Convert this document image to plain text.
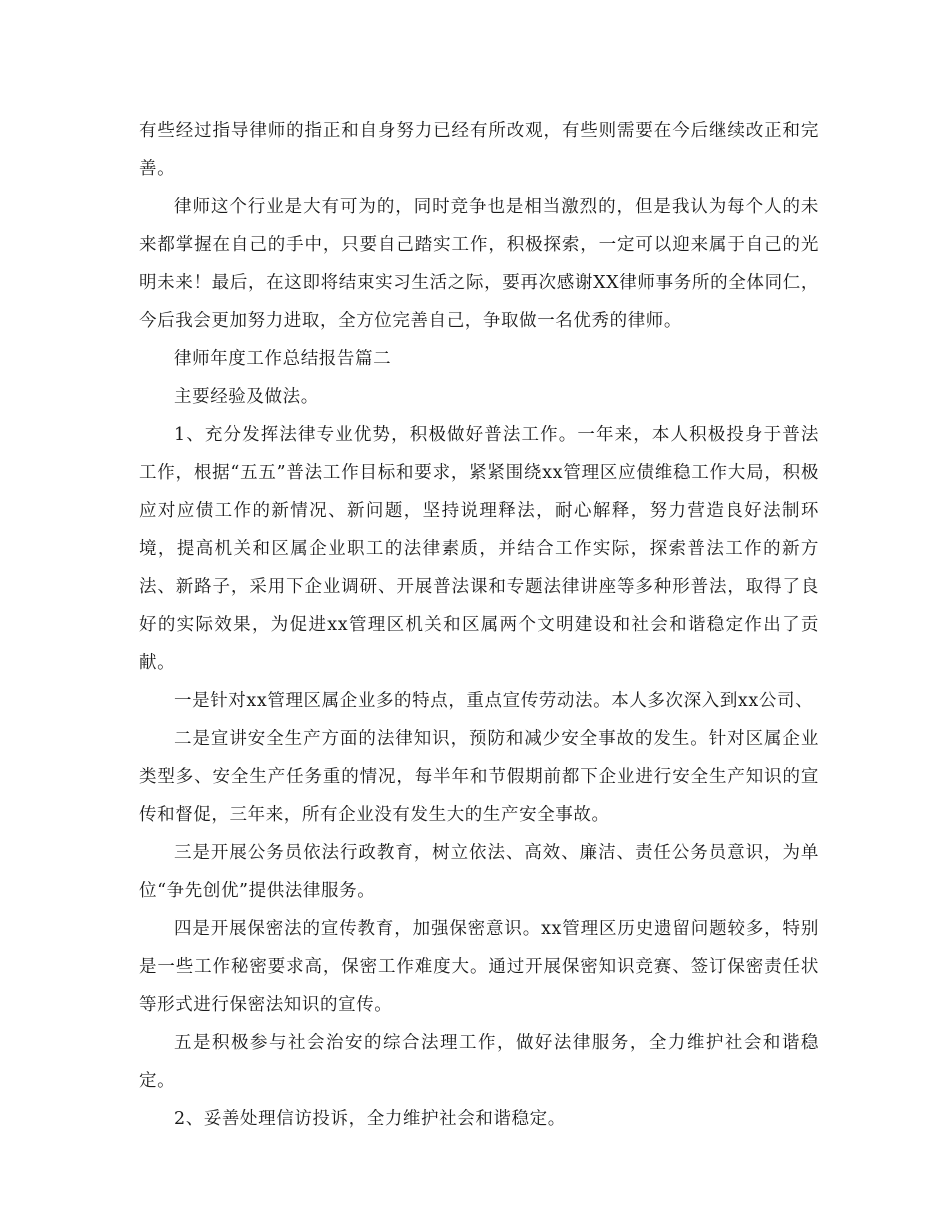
有些经过指导律师的指正和自身努力已经有所改观，有些则需要在今后继续改正和完善。

律师这个行业是大有可为的，同时竞争也是相当激烈的，但是我认为每个人的未来都掌握在自己的手中，只要自己踏实工作，积极探索，一定可以迎来属于自己的光明未来！最后，在这即将结束实习生活之际，要再次感谢XX律师事务所的全体同仁，今后我会更加努力进取，全方位完善自己，争取做一名优秀的律师。

律师年度工作总结报告篇二

主要经验及做法。

1、充分发挥法律专业优势，积极做好普法工作。一年来，本人积极投身于普法工作，根据“五五”普法工作目标和要求，紧紧围绕xx管理区应债维稳工作大局，积极应对应债工作的新情况、新问题，坚持说理释法，耐心解释，努力营造良好法制环境，提高机关和区属企业职工的法律素质，并结合工作实际，探索普法工作的新方法、新路子，采用下企业调研、开展普法课和专题法律讲座等多种形普法，取得了良好的实际效果，为促进xx管理区机关和区属两个文明建设和社会和谐稳定作出了贡献。

一是针对xx管理区属企业多的特点，重点宣传劳动法。本人多次深入到xx公司、

二是宣讲安全生产方面的法律知识，预防和减少安全事故的发生。针对区属企业类型多、安全生产任务重的情况，每半年和节假期前都下企业进行安全生产知识的宣传和督促，三年来，所有企业没有发生大的生产安全事故。

三是开展公务员依法行政教育，树立依法、高效、廉洁、责任公务员意识，为单位“争先创优”提供法律服务。

四是开展保密法的宣传教育，加强保密意识。xx管理区历史遗留问题较多，特别是一些工作秘密要求高，保密工作难度大。通过开展保密知识竞赛、签订保密责任状等形式进行保密法知识的宣传。

五是积极参与社会治安的综合法理工作，做好法律服务，全力维护社会和谐稳定。

2、妥善处理信访投诉，全力维护社会和谐稳定。
